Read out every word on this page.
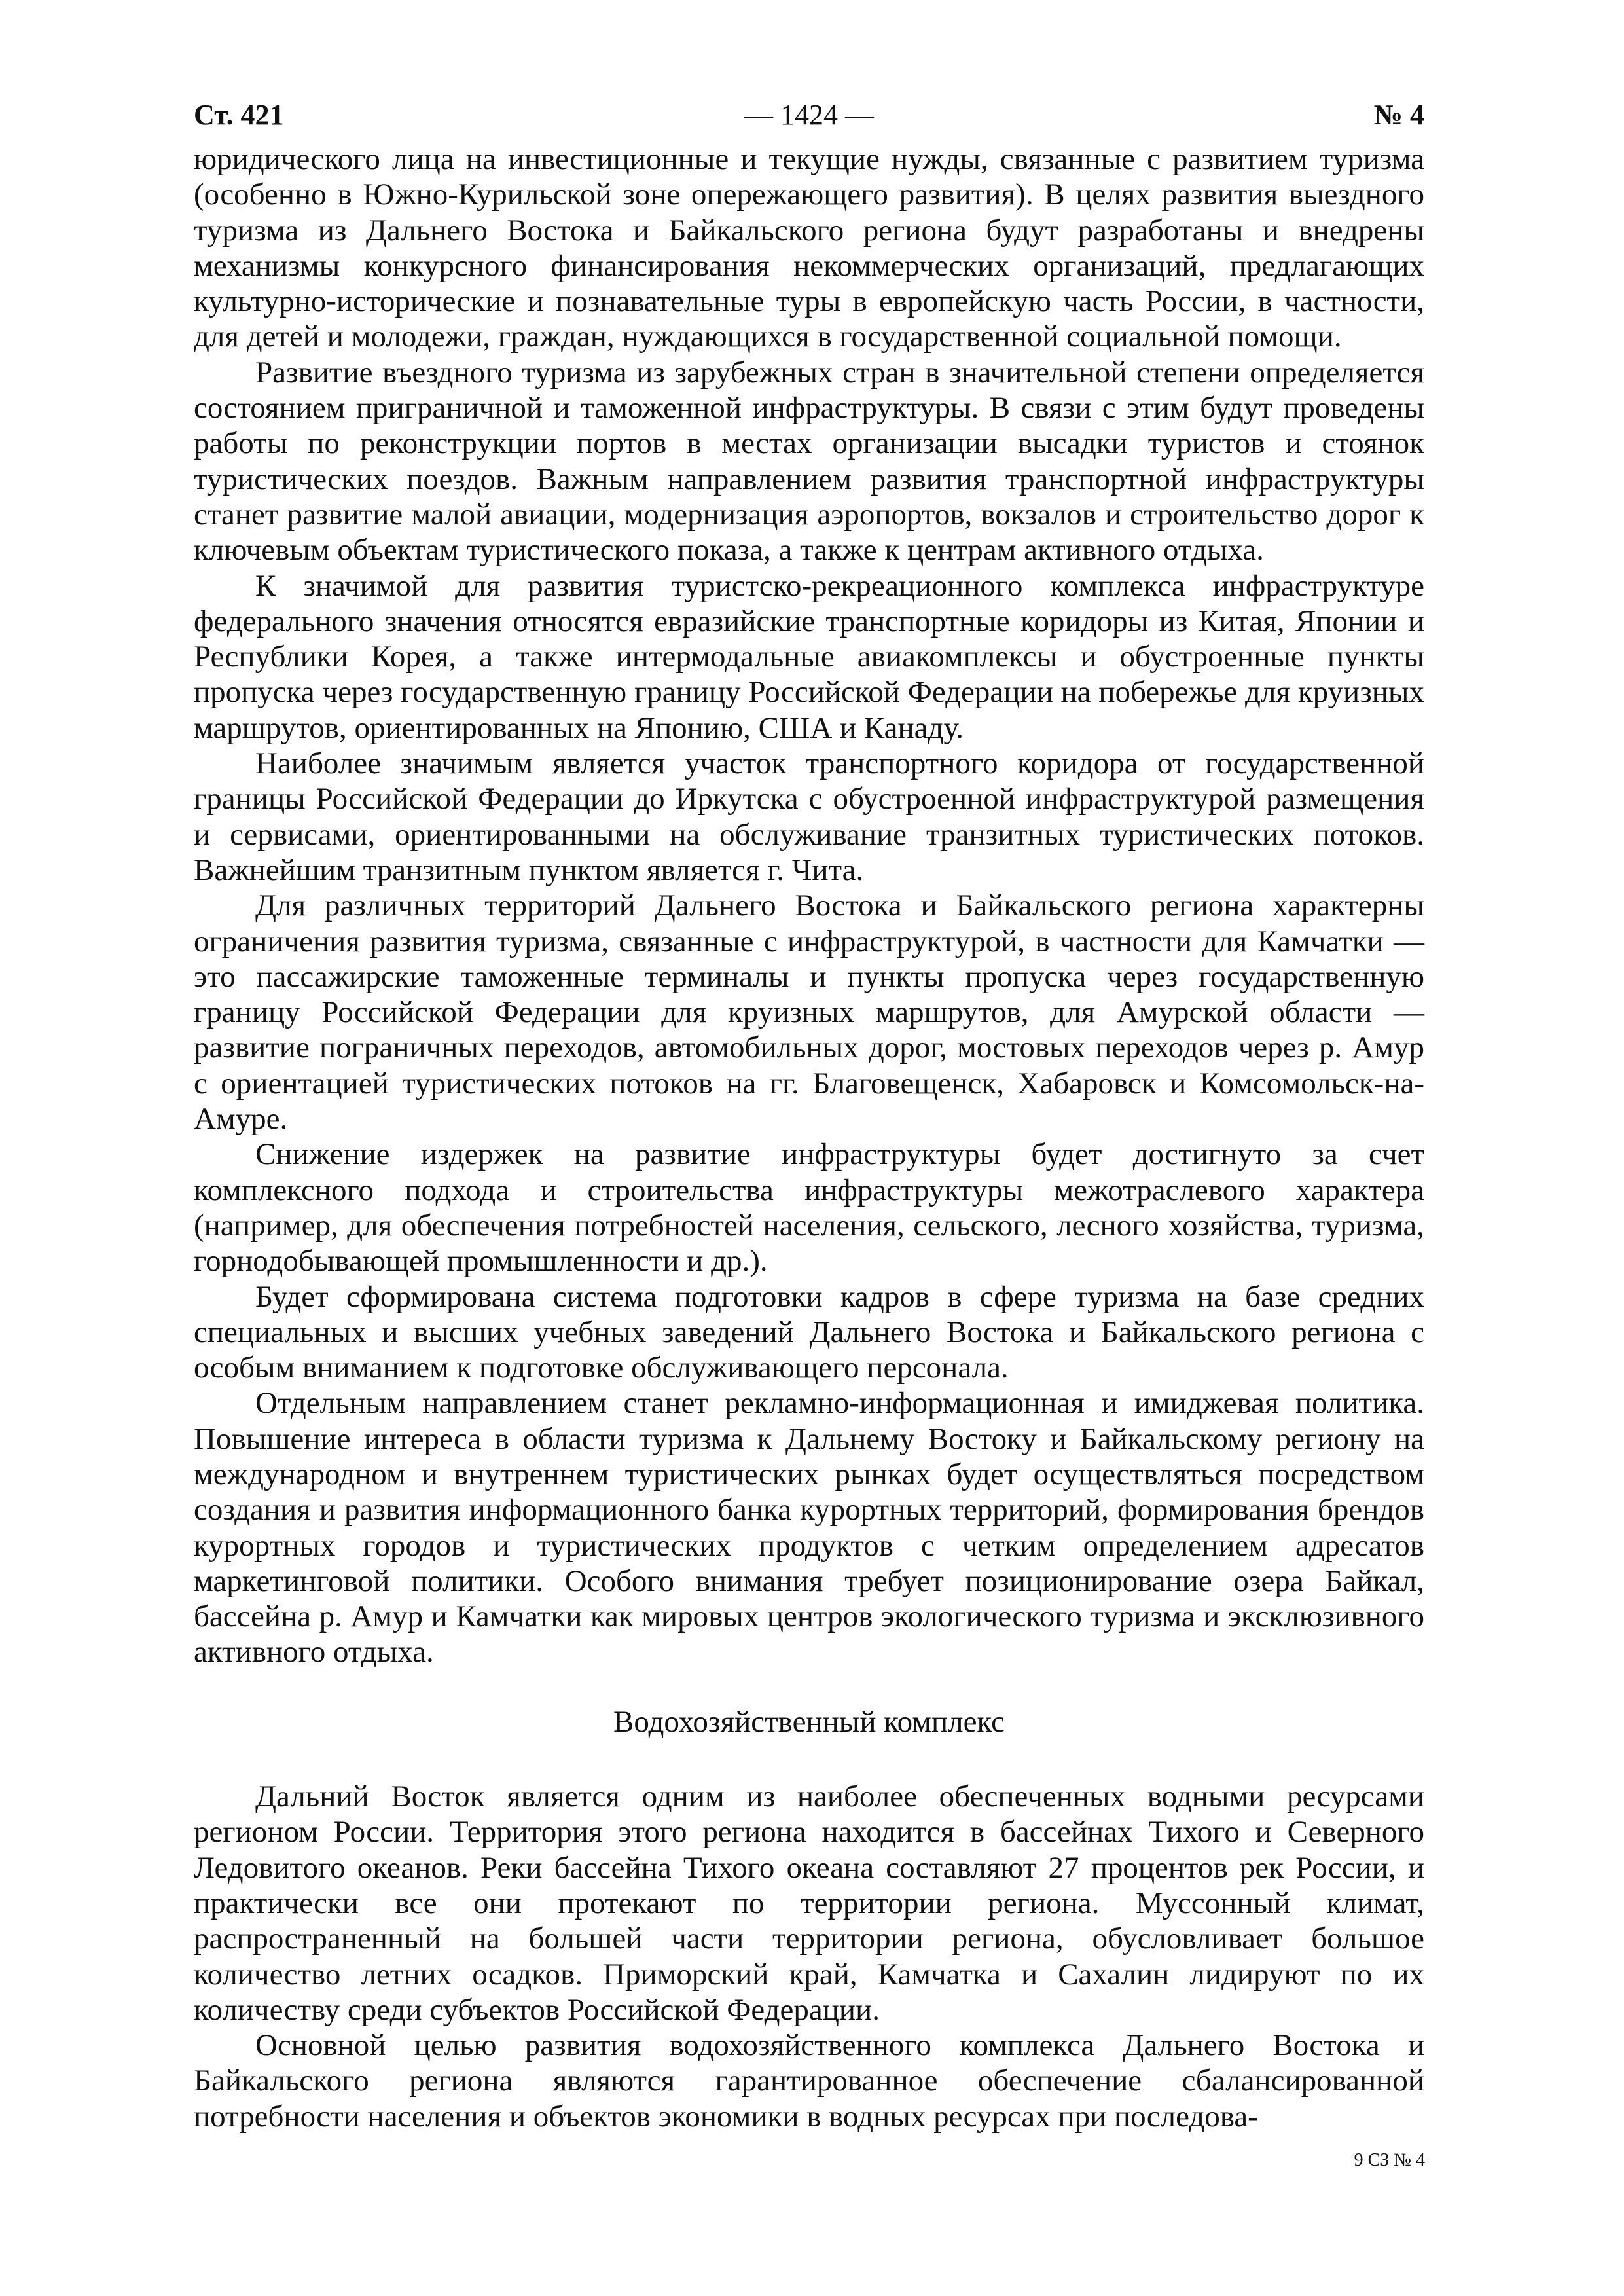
Ст. 421	— 1424 —	№ 4

юридического лица на инвестиционные и текущие нужды, связанные с развитием туризма (особенно в Южно-Курильской зоне опережающего развития). В целях развития выездного туризма из Дальнего Востока и Байкальского региона будут разработаны и внедрены механизмы конкурсного финансирования некоммерческих организаций, предлагающих культурно-исторические и познавательные туры в европейскую часть России, в частности, для детей и молодежи, граждан, нуждающихся в государственной социальной помощи.

Развитие въездного туризма из зарубежных стран в значительной степени определяется состоянием приграничной и таможенной инфраструктуры. В связи с этим будут проведены работы по реконструкции портов в местах организации высадки туристов и стоянок туристических поездов. Важным направлением развития транспортной инфраструктуры станет развитие малой авиации, модернизация аэропортов, вокзалов и строительство дорог к ключевым объектам туристического показа, а также к центрам активного отдыха.

К значимой для развития туристско-рекреационного комплекса инфраструктуре федерального значения относятся евразийские транспортные коридоры из Китая, Японии и Республики Корея, а также интермодальные авиакомплексы и обустроенные пункты пропуска через государственную границу Российской Федерации на побережье для круизных маршрутов, ориентированных на Японию, США и Канаду.

Наиболее значимым является участок транспортного коридора от государственной границы Российской Федерации до Иркутска с обустроенной инфраструктурой размещения и сервисами, ориентированными на обслуживание транзитных туристических потоков. Важнейшим транзитным пунктом является г. Чита.

Для различных территорий Дальнего Востока и Байкальского региона характерны ограничения развития туризма, связанные с инфраструктурой, в частности для Камчатки — это пассажирские таможенные терминалы и пункты пропуска через государственную границу Российской Федерации для круизных маршрутов, для Амурской области — развитие пограничных переходов, автомобильных дорог, мостовых переходов через р. Амур с ориентацией туристических потоков на гг. Благовещенск, Хабаровск и Комсомольск-на-Амуре.

Снижение издержек на развитие инфраструктуры будет достигнуто за счет комплексного подхода и строительства инфраструктуры межотраслевого характера (например, для обеспечения потребностей населения, сельского, лесного хозяйства, туризма, горнодобывающей промышленности и др.).

Будет сформирована система подготовки кадров в сфере туризма на базе средних специальных и высших учебных заведений Дальнего Востока и Байкальского региона с особым вниманием к подготовке обслуживающего персонала.

Отдельным направлением станет рекламно-информационная и имиджевая политика. Повышение интереса в области туризма к Дальнему Востоку и Байкальскому региону на международном и внутреннем туристических рынках будет осуществляться посредством создания и развития информационного банка курортных территорий, формирования брендов курортных городов и туристических продуктов с четким определением адресатов маркетинговой политики. Особого внимания требует позиционирование озера Байкал, бассейна р. Амур и Камчатки как мировых центров экологического туризма и эксклюзивного активного отдыха.

Водохозяйственный комплекс

Дальний Восток является одним из наиболее обеспеченных водными ресурсами регионом России. Территория этого региона находится в бассейнах Тихого и Северного Ледовитого океанов. Реки бассейна Тихого океана составляют 27 процентов рек России, и практически все они протекают по территории региона. Муссонный климат, распространенный на большей части территории региона, обусловливает большое количество летних осадков. Приморский край, Камчатка и Сахалин лидируют по их количеству среди субъектов Российской Федерации.

Основной целью развития водохозяйственного комплекса Дальнего Востока и Байкальского региона являются гарантированное обеспечение сбалансированной потребности населения и объектов экономики в водных ресурсах при последова-

9 СЗ № 4
